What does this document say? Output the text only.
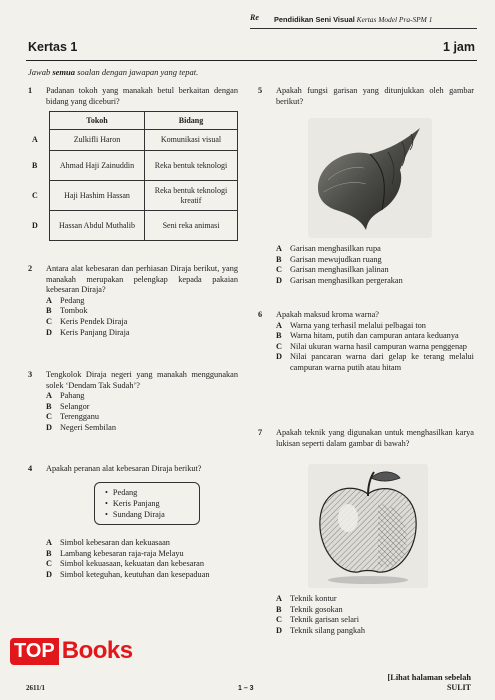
Re Pendidikan Seni Visual Kertas Model Pra-SPM 1
Kertas 1	1 jam
Jawab semua soalan dengan jawapan yang tepat.
1 Padanan tokoh yang manakah betul berkaitan dengan bidang yang diceburi?
	Tokoh	Bidang
A	Zulkifli Haron	Komunikasi visual
B	Ahmad Haji Zainuddin	Reka bentuk teknologi
C	Haji Hashim Hassan	Reka bentuk teknologi kreatif
D	Hassan Abdul Muthalib	Seni reka animasi
2 Antara alat kebesaran dan perhiasan Diraja berikut, yang manakah merupakan pelengkap kepada pakaian kebesaran Diraja?
A Pedang
B Tombok
C Keris Pendek Diraja
D Keris Panjang Diraja
3 Tengkolok Diraja negeri yang manakah menggunakan solek ‘Dendam Tak Sudah’?
A Pahang
B Selangor
C Terengganu
D Negeri Sembilan
4 Apakah peranan alat kebesaran Diraja berikut?
• Pedang
• Keris Panjang
• Sundang Diraja
A Simbol kebesaran dan kekuasaan
B Lambang kebesaran raja-raja Melayu
C Simbol kekuasaan, kekuatan dan kebesaran
D Simbol keteguhan, keutuhan dan kesepaduan
5 Apakah fungsi garisan yang ditunjukkan oleh gambar berikut?
A Garisan menghasilkan rupa
B Garisan mewujudkan ruang
C Garisan menghasilkan jalinan
D Garisan menghasilkan pergerakan
6 Apakah maksud kroma warna?
A Warna yang terhasil melalui pelbagai ton
B Warna hitam, putih dan campuran antara keduanya
C Nilai ukuran warna hasil campuran warna penggenap
D Nilai pancaran warna dari gelap ke terang melalui campuran warna putih atau hitam
7 Apakah teknik yang digunakan untuk menghasilkan karya lukisan seperti dalam gambar di bawah?
A Teknik kontur
B Teknik gosokan
C Teknik garisan selari
D Teknik silang pangkah
TOP Books
2611/1	1 – 3
[Lihat halaman sebelah
SULIT
